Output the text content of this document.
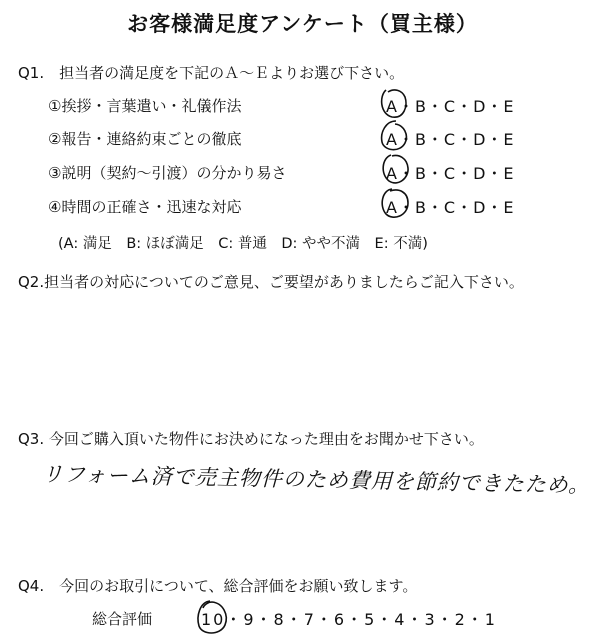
お客様満足度アンケート（買主様）
Q1.　担当者の満足度を下記のＡ～Ｅよりお選び下さい。
①挨拶・言葉遣い・礼儀作法	A・B・C・D・E
②報告・連絡約束ごとの徹底	A・B・C・D・E
③説明（契約～引渡）の分かり易さ	A・B・C・D・E
④時間の正確さ・迅速な対応	A・B・C・D・E
(A: 満足　B: ほぼ満足　C: 普通　D: やや不満　E: 不満)
Q2.担当者の対応についてのご意見、ご要望がありましたらご記入下さい。
Q3. 今回ご購入頂いた物件にお決めになった理由をお聞かせ下さい。
リフォーム済で売主物件のため費用を節約できたため。
Q4.　今回のお取引について、総合評価をお願い致します。
総合評価	10・9・8・7・6・5・4・3・2・1
